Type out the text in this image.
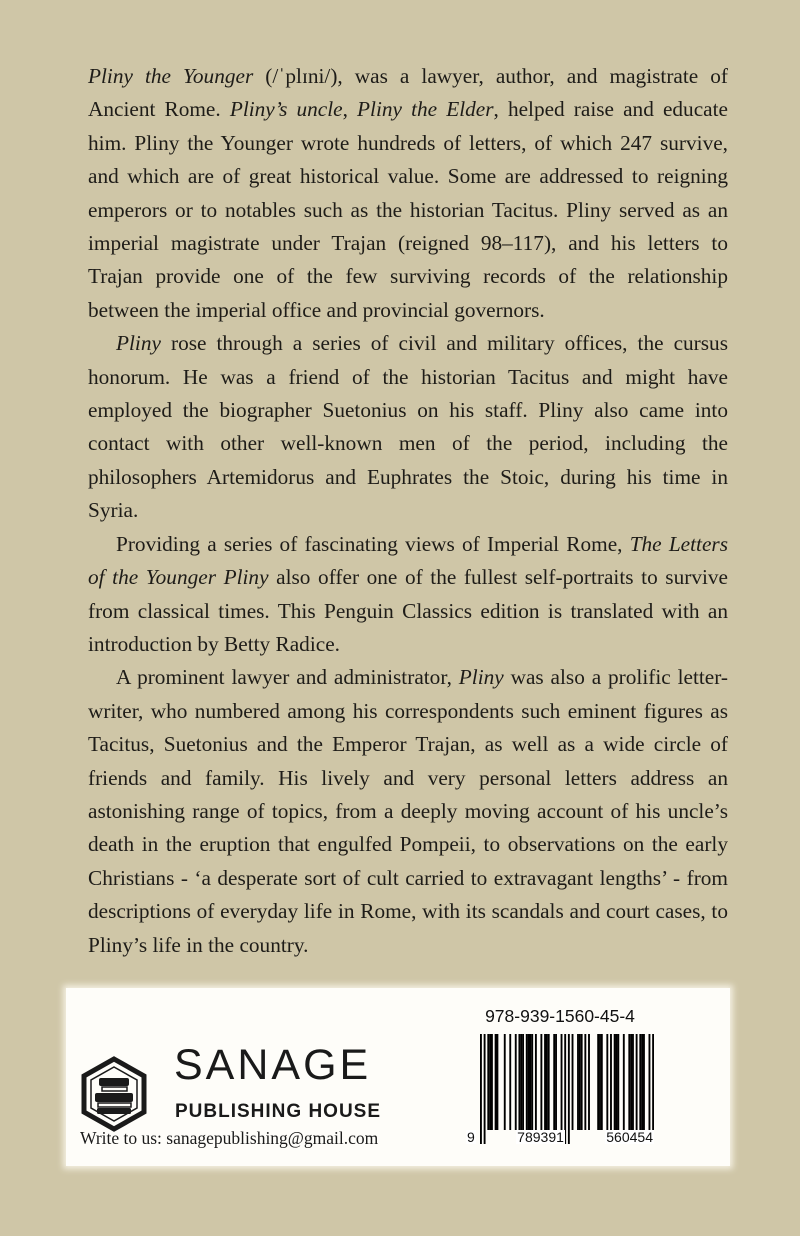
Pliny the Younger (/ˈplɪni/), was a lawyer, author, and magistrate of Ancient Rome. Pliny’s uncle, Pliny the Elder, helped raise and educate him. Pliny the Younger wrote hundreds of letters, of which 247 survive, and which are of great historical value. Some are addressed to reigning emperors or to notables such as the historian Tacitus. Pliny served as an imperial magistrate under Trajan (reigned 98–117), and his letters to Trajan provide one of the few surviving records of the relationship between the imperial office and provincial governors.

Pliny rose through a series of civil and military offices, the cursus honorum. He was a friend of the historian Tacitus and might have employed the biographer Suetonius on his staff. Pliny also came into contact with other well-known men of the period, including the philosophers Artemidorus and Euphrates the Stoic, during his time in Syria.

Providing a series of fascinating views of Imperial Rome, The Letters of the Younger Pliny also offer one of the fullest self-portraits to survive from classical times. This Penguin Classics edition is translated with an introduction by Betty Radice.

A prominent lawyer and administrator, Pliny was also a prolific letter-writer, who numbered among his correspondents such eminent figures as Tacitus, Suetonius and the Emperor Trajan, as well as a wide circle of friends and family. His lively and very personal letters address an astonishing range of topics, from a deeply moving account of his uncle’s death in the eruption that engulfed Pompeii, to observations on the early Christians - ‘a desperate sort of cult carried to extravagant lengths’ - from descriptions of everyday life in Rome, with its scandals and court cases, to Pliny’s life in the country.

SANAGE
PUBLISHING HOUSE
Write to us: sanagepublishing@gmail.com
978-939-1560-45-4
9	789391	560454
